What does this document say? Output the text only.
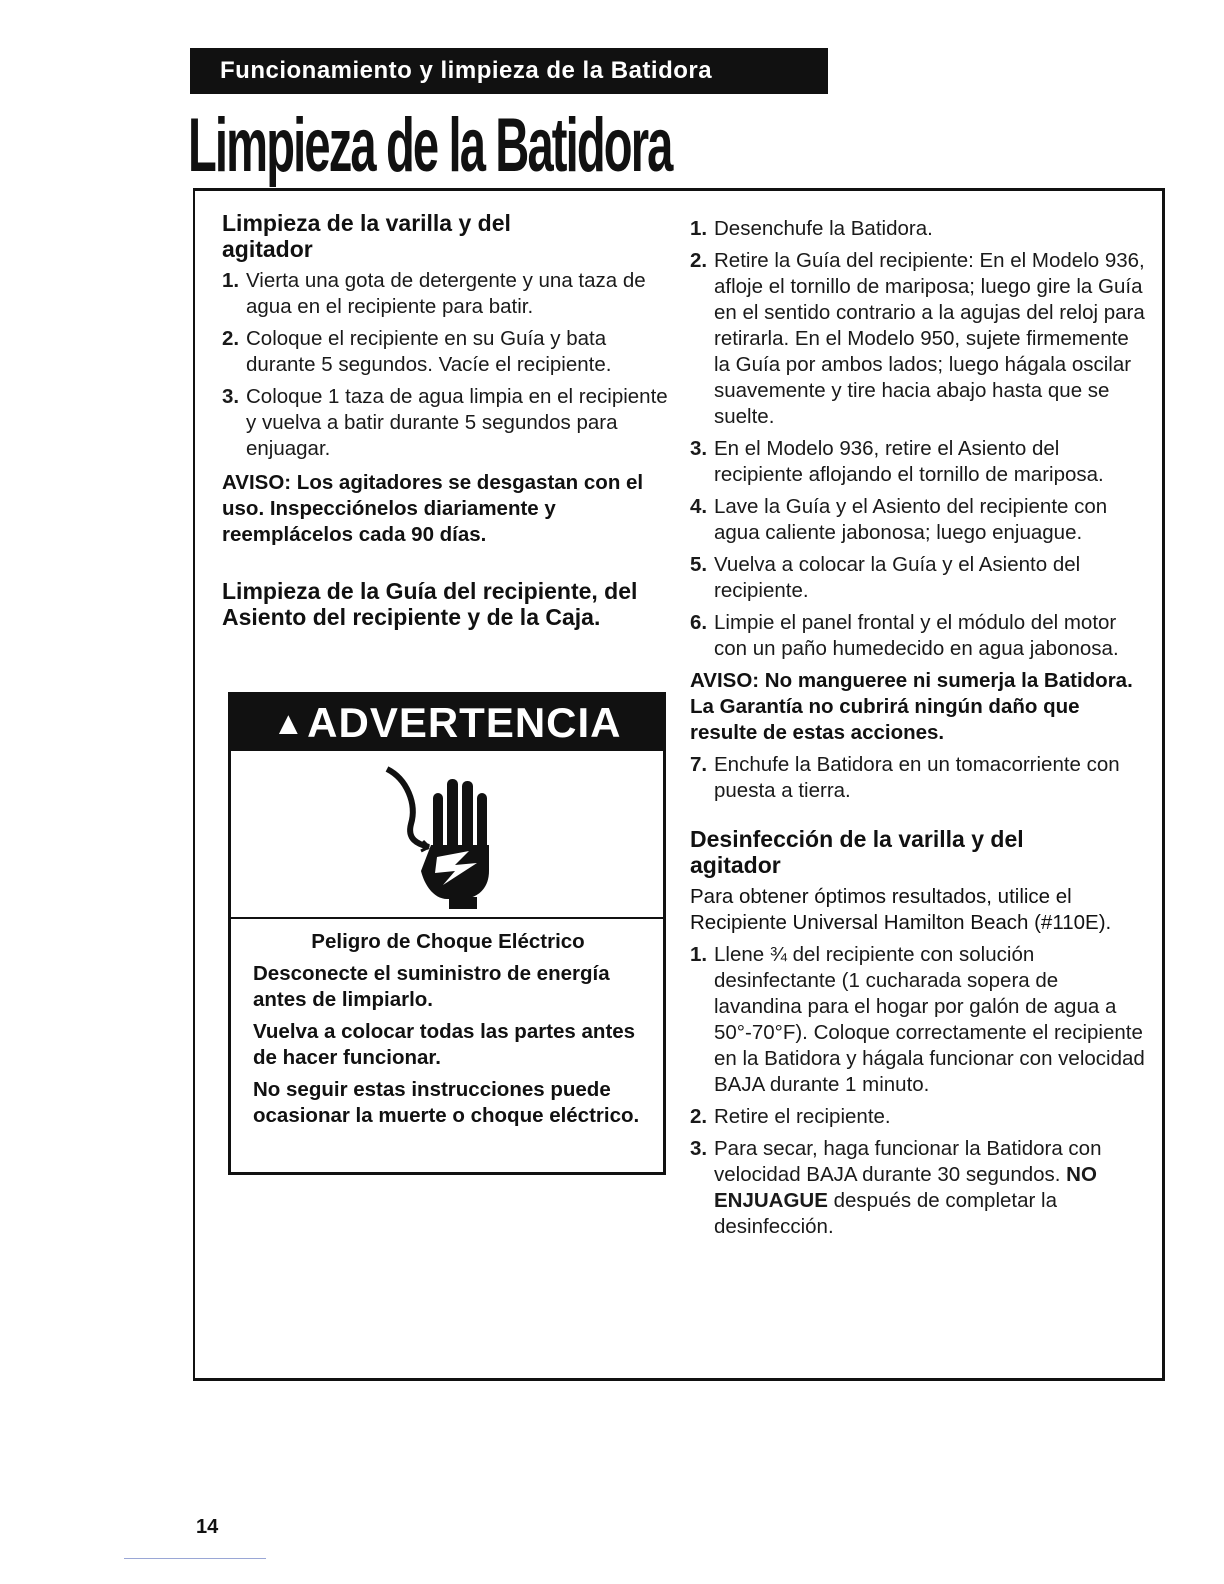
Funcionamiento y limpieza de la Batidora
Limpieza de la Batidora
Limpieza de la varilla y del agitador
1. Vierta una gota de detergente y una taza de agua en el recipiente para batir.
2. Coloque el recipiente en su Guía y bata durante 5 segundos. Vacíe el recipiente.
3. Coloque 1 taza de agua limpia en el recipiente y vuelva a batir durante 5 segundos para enjuagar.

AVISO: Los agitadores se desgastan con el uso. Inspecciónelos diariamente y reemplácelos cada 90 días.

Limpieza de la Guía del recipiente, del Asiento del recipiente y de la Caja.
▲ ADVERTENCIA

Peligro de Choque Eléctrico

Desconecte el suministro de energía antes de limpiarlo.

Vuelva a colocar todas las partes antes de hacer funcionar.

No seguir estas instrucciones puede ocasionar la muerte o choque eléctrico.

1. Desenchufe la Batidora.
2. Retire la Guía del recipiente: En el Modelo 936, afloje el tornillo de mariposa; luego gire la Guía en el sentido contrario a la agujas del reloj para retirarla. En el Modelo 950, sujete firmemente la Guía por ambos lados; luego hágala oscilar suavemente y tire hacia abajo hasta que se suelte.
3. En el Modelo 936, retire el Asiento del recipiente aflojando el tornillo de mariposa.
4. Lave la Guía y el Asiento del recipiente con agua caliente jabonosa; luego enjuague.
5. Vuelva a colocar la Guía y el Asiento del recipiente.
6. Limpie el panel frontal y el módulo del motor con un paño humedecido en agua jabonosa.

AVISO: No mangueree ni sumerja la Batidora. La Garantía no cubrirá ningún daño que resulte de estas acciones.

7. Enchufe la Batidora en un tomacorriente con puesta a tierra.
Desinfección de la varilla y del agitador

Para obtener óptimos resultados, utilice el Recipiente Universal Hamilton Beach (#110E).

1. Llene ¾ del recipiente con solución desinfectante (1 cucharada sopera de lavandina para el hogar por galón de agua a 50°-70°F). Coloque correctamente el recipiente en la Batidora y hágala funcionar con velocidad BAJA durante 1 minuto.
2. Retire el recipiente.
3. Para secar, haga funcionar la Batidora con velocidad BAJA durante 30 segundos. NO ENJUAGUE después de completar la desinfección.
14
